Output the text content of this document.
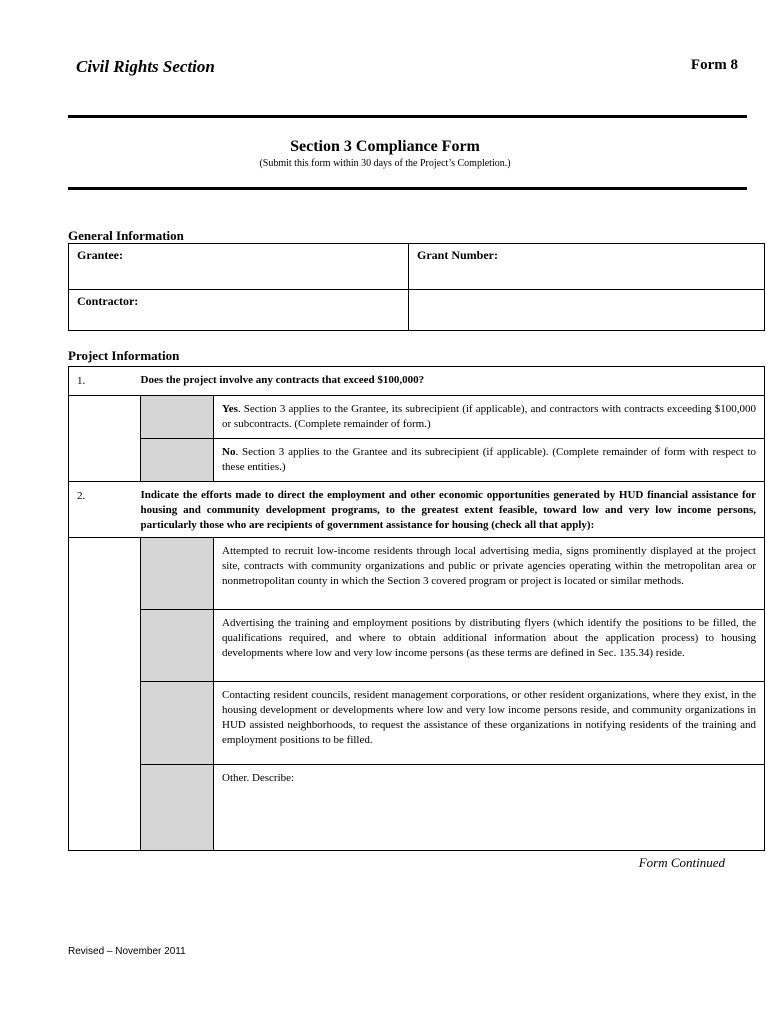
Civil Rights Section	Form 8
Section 3 Compliance Form
(Submit this form within 30 days of the Project’s Completion.)
General Information
Grantee:	Grant Number:
Contractor:	
Project Information
1.	Does the project involve any contracts that exceed $100,000?	
		Yes. Section 3 applies to the Grantee, its subrecipient (if applicable), and contractors with contracts exceeding $100,000 or subcontracts. (Complete remainder of form.)
		No. Section 3 applies to the Grantee and its subrecipient (if applicable). (Complete remainder of form with respect to these entities.)
2.	Indicate the efforts made to direct the employment and other economic opportunities generated by HUD financial assistance for housing and community development programs, to the greatest extent feasible, toward low and very low income persons, particularly those who are recipients of government assistance for housing (check all that apply):	
		Attempted to recruit low-income residents through local advertising media, signs prominently displayed at the project site, contracts with community organizations and public or private agencies operating within the metropolitan area or nonmetropolitan county in which the Section 3 covered program or project is located or similar methods.
		Advertising the training and employment positions by distributing flyers (which identify the positions to be filled, the qualifications required, and where to obtain additional information about the application process) to housing developments where low and very low income persons (as these terms are defined in Sec. 135.34) reside.
		Contacting resident councils, resident management corporations, or other resident organizations, where they exist, in the housing development or developments where low and very low income persons reside, and community organizations in HUD assisted neighborhoods, to request the assistance of these organizations in notifying residents of the training and employment positions to be filled.
		Other. Describe:
Form Continued
Revised – November 2011
